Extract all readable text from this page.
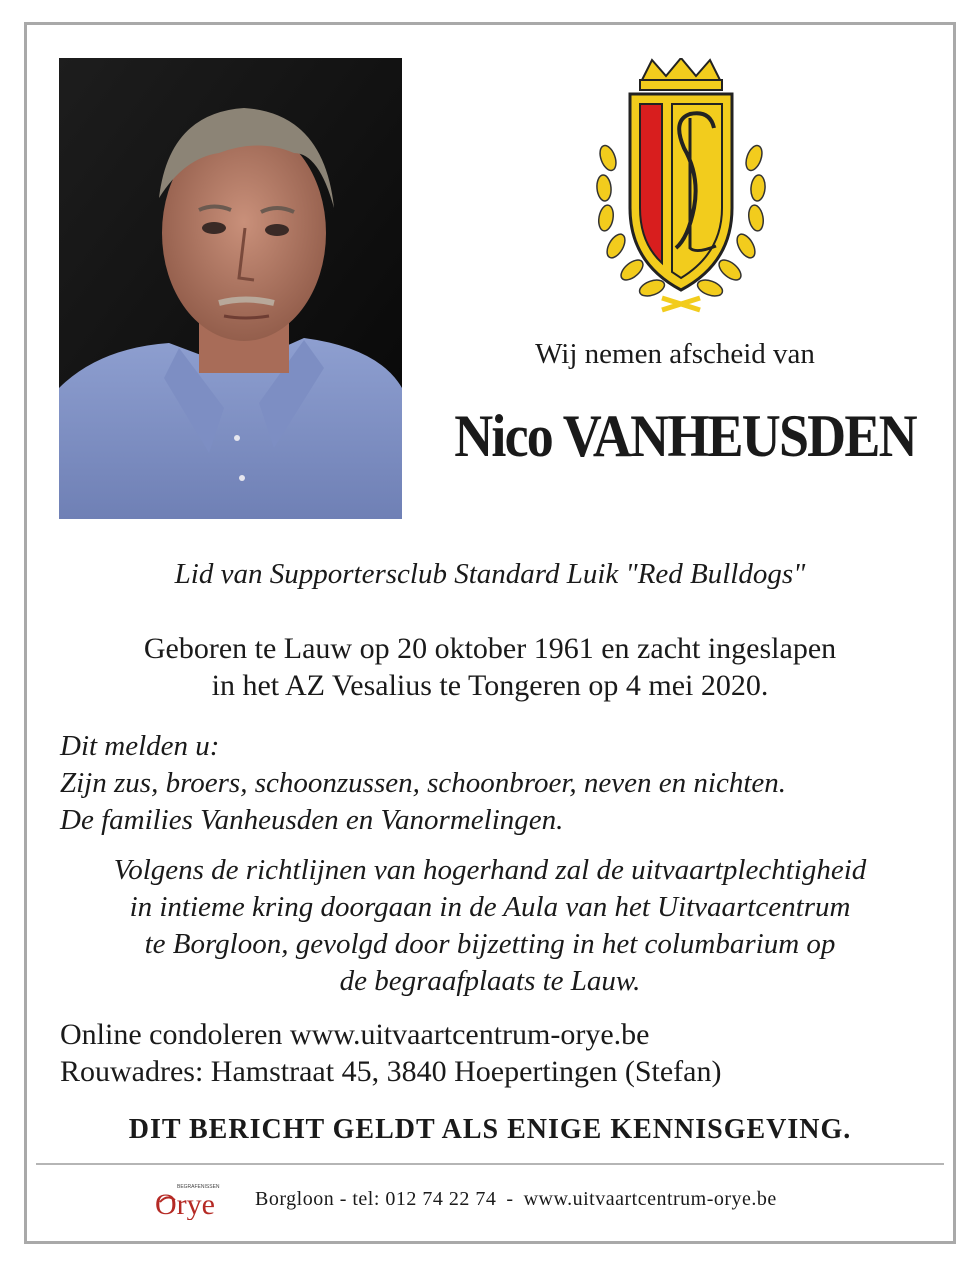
Wij nemen afscheid van
Nico VANHEUSDEN
Lid van Supportersclub Standard Luik "Red Bulldogs"
Geboren te Lauw op 20 oktober 1961 en zacht ingeslapen
in het AZ Vesalius te Tongeren op 4 mei 2020.
Dit melden u:
Zijn zus, broers, schoonzussen, schoonbroer, neven en nichten.
De families Vanheusden en Vanormelingen.
Volgens de richtlijnen van hogerhand zal de uitvaartplechtigheid
in intieme kring doorgaan in de Aula van het Uitvaartcentrum
te Borgloon, gevolgd door bijzetting in het columbarium op
de begraafplaats te Lauw.
Online condoleren www.uitvaartcentrum-orye.be
Rouwadres: Hamstraat 45, 3840 Hoepertingen (Stefan)
DIT BERICHT GELDT ALS ENIGE KENNISGEVING.
BEGRAFENISSEN
Orye Borgloon - tel: 012 74 22 74 - www.uitvaartcentrum-orye.be
